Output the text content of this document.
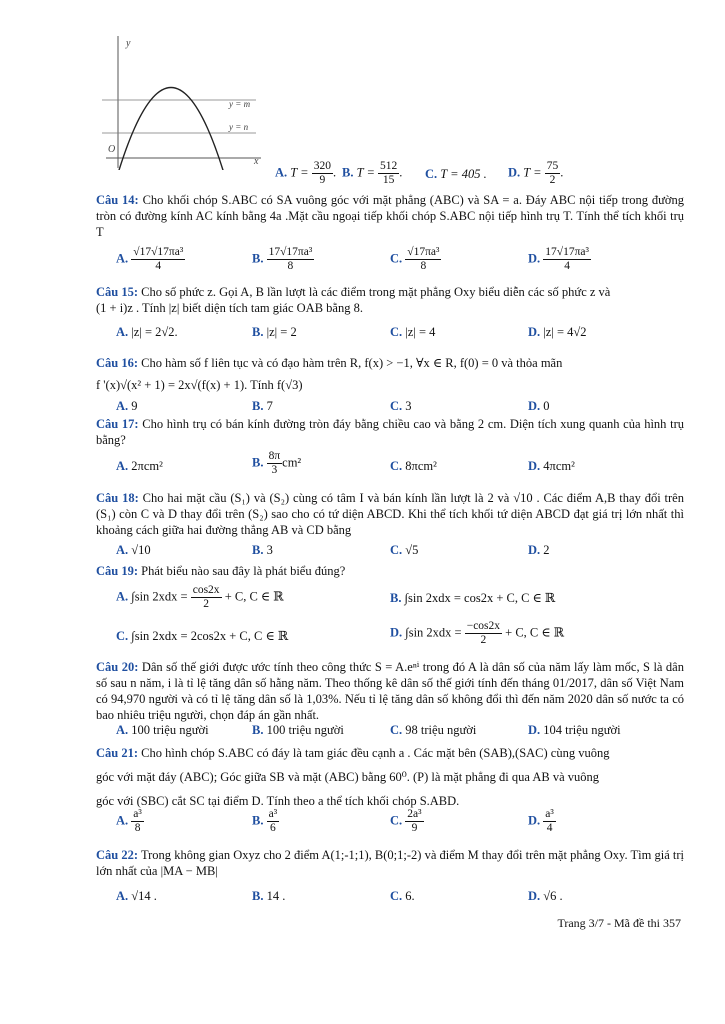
y
x
O
y = m
y = n
A. $T = \frac{320}{9}$ . B. $T = \frac{512}{15}$ . C. T = 405 . D. $T = \frac{75}{2}$ .
Câu 14: Cho khối chóp S.ABC có SA vuông góc với mặt phẳng (ABC) và SA = a. Đáy ABC nội tiếp trong đường tròn có đường kính AC kính bằng 4a .Mặt cầu ngoại tiếp khối chóp S.ABC nội tiếp hình trụ T. Tính thể tích khối trụ T
A. $\frac{\text{√17√17πa³}}{4}$	B. $\frac{\text{17√17πa³}}{8}$	C. $\frac{\text{√17πa³}}{8}$	D. $\frac{\text{17√17πa³}}{4}$
Câu 15: Cho số phức z. Gọi A, B lần lượt là các điểm trong mặt phẳng Oxy biểu diễn các số phức z và
(1 + i)z . Tính |z| biết diện tích tam giác OAB bằng 8.
A. |z| = 2√2.	B. |z| = 2	C. |z| = 4	D. |z| = 4√2
Câu 16: Cho hàm số f liên tục và có đạo hàm trên R, f(x) > −1, ∀x ∈ R, f(0) = 0 và thỏa mãn
f '(x)√(x² + 1) = 2x√(f(x) + 1). Tính f(√3)
A. 9	B. 7	C. 3	D. 0
Câu 17: Cho hình trụ có bán kính đường tròn đáy bằng chiều cao và bằng 2 cm. Diện tích xung quanh của hình trụ bằng?
A. 2πcm²	B. $\frac{8\pi}{3} cm^2$	C. 8πcm²	D. 4πcm²
Câu 18: Cho hai mặt cầu (S₁) và (S₂) cùng có tâm I và bán kính lần lượt là 2 và √10 . Các điểm A,B thay đổi trên (S₁) còn C và D thay đổi trên (S₂) sao cho có tứ diện ABCD. Khi thể tích khối tứ diện ABCD đạt giá trị lớn nhất thì khoảng cách giữa hai đường thẳng AB và CD bằng
A. √10	B. 3	C. √5	D. 2
Câu 19: Phát biểu nào sau đây là phát biểu đúng?
A. ∫sin $2xdx = \frac{\cos 2x}{2} + C$, C ∈ ℝ	B. ∫sin 2xdx = cos2x + C, C ∈ ℝ
C. ∫sin 2xdx = 2cos2x + C, C ∈ ℝ	D. ∫sin $2xdx = \frac{-\cos 2x}{2} + C$, C ∈ ℝ
Câu 20: Dân số thế giới được ước tính theo công thức S = A.eⁿⁱ trong đó A là dân số của năm lấy làm mốc, S là dân số sau n năm, i là tỉ lệ tăng dân số hằng năm. Theo thống kê dân số thế giới tính đến tháng 01/2017, dân số Việt Nam có 94,970 người và có tỉ lệ tăng dân số là 1,03%. Nếu tỉ lệ tăng dân số không đổi thì đến năm 2020 dân số nước ta có bao nhiêu triệu người, chọn đáp án gần nhất.
A. 100 triệu người	B. 100 triệu người	C. 98 triệu người	D. 104 triệu người
Câu 21: Cho hình chóp S.ABC có đáy là tam giác đều cạnh a . Các mặt bên (SAB),(SAC) cùng vuông
góc với mặt đáy (ABC); Góc giữa SB và mặt (ABC) bằng 60⁰. (P) là mặt phẳng đi qua AB và vuông
góc với (SBC) cắt SC tại điểm D. Tính theo a thể tích khối chóp S.ABD.
A. $\frac{\text{a³}}{8}$	B. $\frac{\text{a³}}{6}$	C. $\frac{\text{2a³}}{9}$	D. $\frac{\text{a³}}{4}$
Câu 22: Trong không gian Oxyz cho 2 điểm A(1;-1;1), B(0;1;-2) và điểm M thay đổi trên mặt phẳng Oxy. Tìm giá trị lớn nhất của |MA − MB|
A. √14 .	B. 14 .	C. 6.	D. √6 .
Trang 3/7 - Mã đề thi 357
